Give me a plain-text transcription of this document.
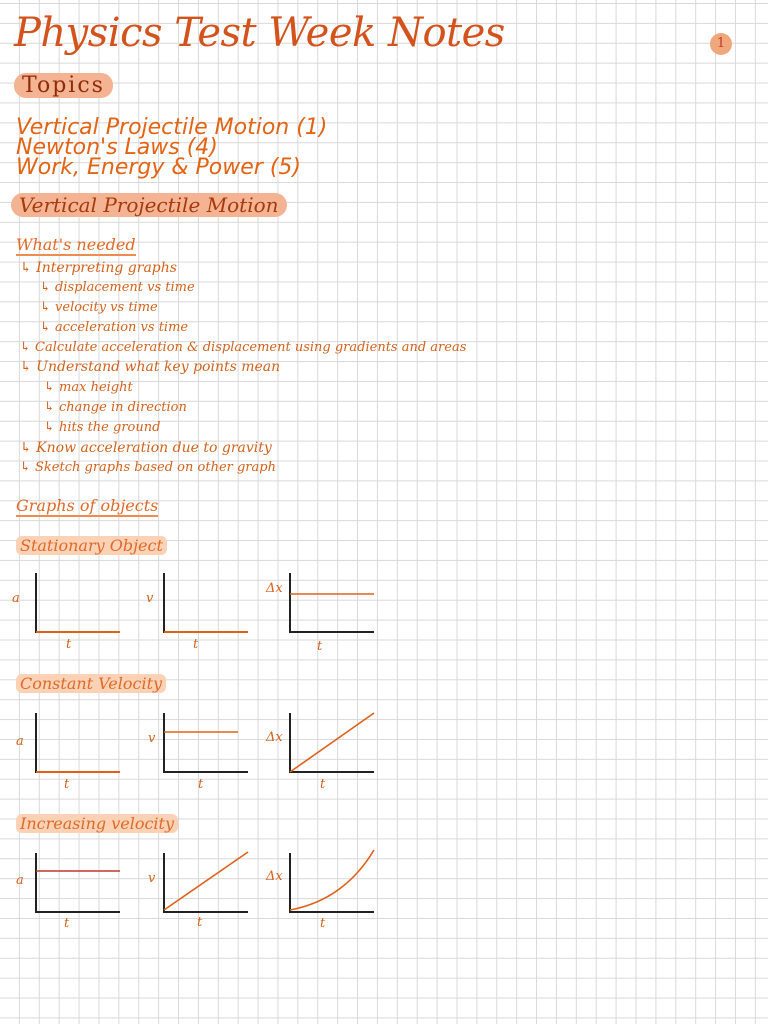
Physics Test Week Notes	1
Topics
Vertical Projectile Motion (1)
Newton's Laws (4)
Work, Energy & Power (5)
Vertical Projectile Motion
What's needed
↳ Interpreting graphs
↳ displacement vs time
↳ velocity vs time
↳ acceleration vs time
↳ Calculate acceleration & displacement using gradients and areas
↳ Understand what key points mean
↳ max height
↳ change in direction
↳ hits the ground
↳ Know acceleration due to gravity
↳ Sketch graphs based on other graph
Graphs of objects
Stationary Object
a	v
Δx
t	t	t
Constant Velocity
a	v	Δx
t	t	t
Increasing velocity
a	v	Δx
t	t	t
